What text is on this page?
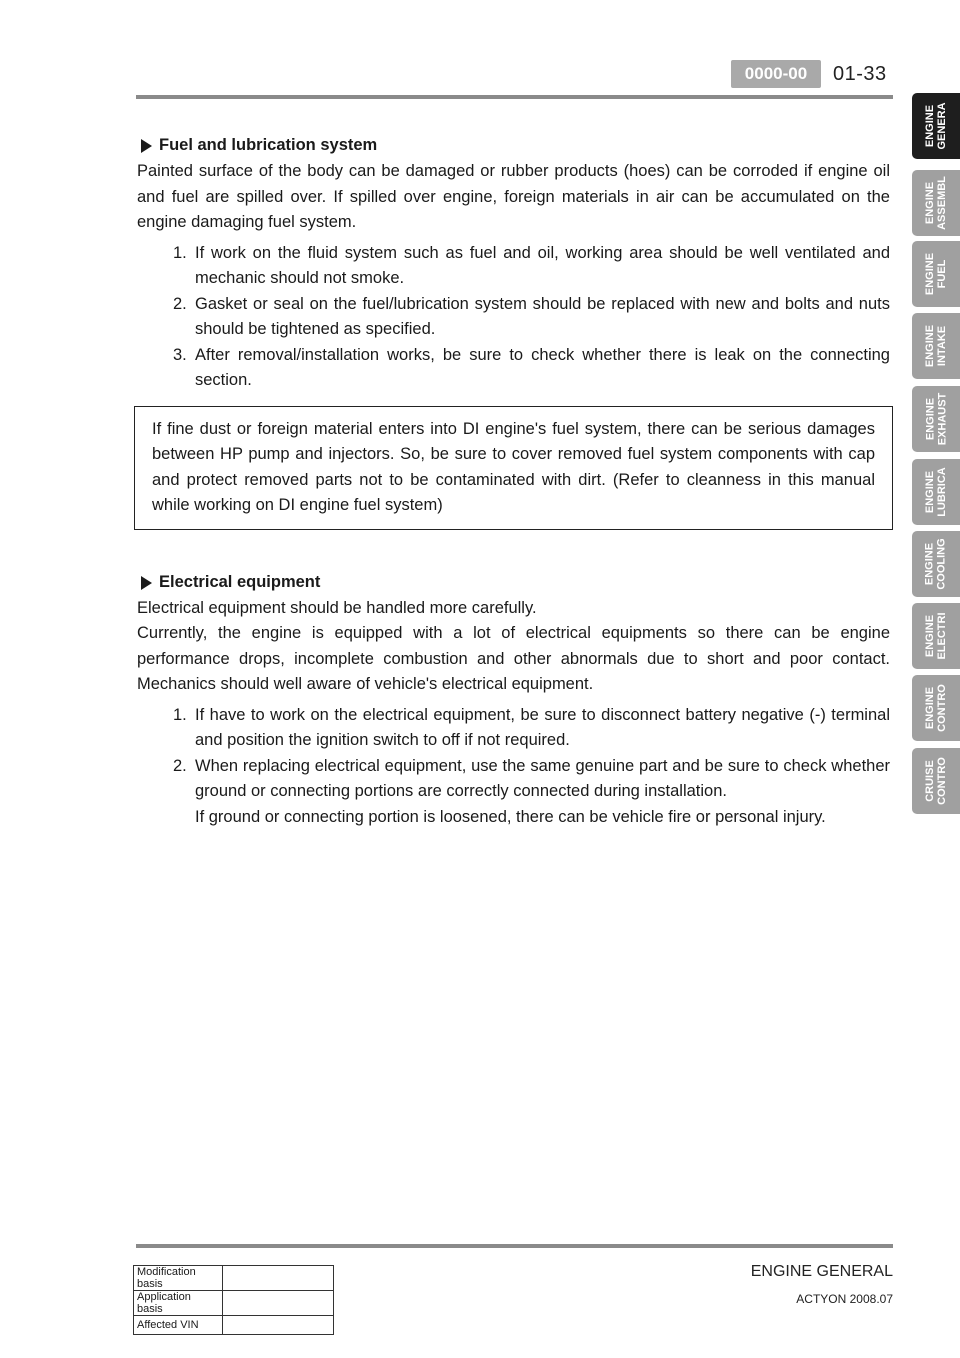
0000-00	01-33
ENGINE
GENERA
ENGINE
ASSEMBL
ENGINE
FUEL
ENGINE
INTAKE
ENGINE
EXHAUST
ENGINE
LUBRICA
ENGINE
COOLING
ENGINE
ELECTRI
ENGINE
CONTRO
CRUISE
CONTRO
Fuel and lubrication system

Painted surface of the body can be damaged or rubber products (hoes) can be corroded if engine oil and fuel are spilled over. If spilled over engine, foreign materials in air can be accumulated on the engine damaging fuel system.

1. If work on the fluid system such as fuel and oil, working area should be well ventilated and mechanic should not smoke.
2. Gasket or seal on the fuel/lubrication system should be replaced with new and bolts and nuts should be tightened as specified.
3. After removal/installation works, be sure to check whether there is leak on the connecting section.
If fine dust or foreign material enters into DI engine's fuel system, there can be serious damages between HP pump and injectors. So, be sure to cover removed fuel system components with cap and protect removed parts not to be contaminated with dirt. (Refer to cleanness in this manual while working on DI engine fuel system)
Electrical equipment

Electrical equipment should be handled more carefully.

Currently, the engine is equipped with a lot of electrical equipments so there can be engine performance drops, incomplete combustion and other abnormals due to short and poor contact. Mechanics should well aware of vehicle's electrical equipment.

1. If have to work on the electrical equipment, be sure to disconnect battery negative (-) terminal and position the ignition switch to off if not required.
2. When replacing electrical equipment, use the same genuine part and be sure to check whether ground or connecting portions are correctly connected during installation.
If ground or connecting portion is loosened, there can be vehicle fire or personal injury.
Modification basis	
Application basis	
Affected VIN	
ENGINE GENERAL
ACTYON 2008.07
